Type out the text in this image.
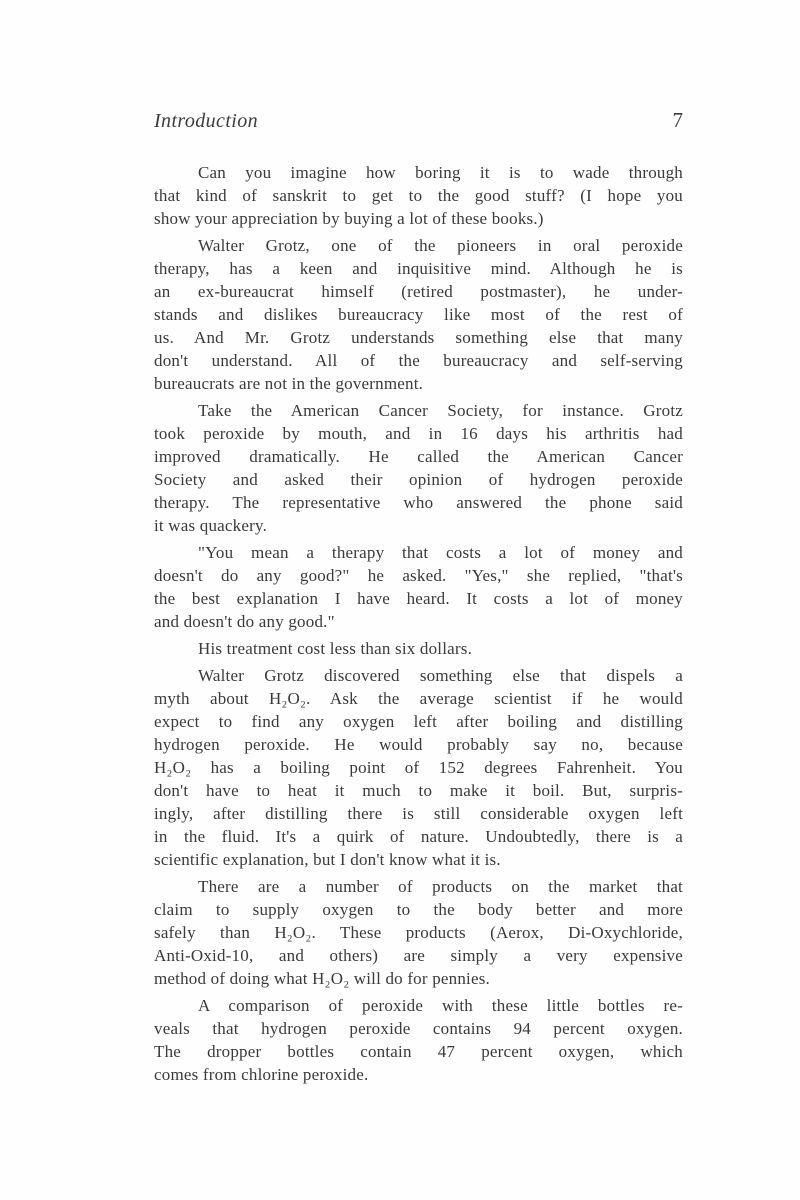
Introduction	7
Can you imagine how boring it is to wade through
that kind of sanskrit to get to the good stuff? (I hope you
show your appreciation by buying a lot of these books.)
Walter Grotz, one of the pioneers in oral peroxide
therapy, has a keen and inquisitive mind. Although he is
an ex-bureaucrat himself (retired postmaster), he under-
stands and dislikes bureaucracy like most of the rest of
us. And Mr. Grotz understands something else that many
don't understand. All of the bureaucracy and self-serving
bureaucrats are not in the government.
Take the American Cancer Society, for instance. Grotz
took peroxide by mouth, and in 16 days his arthritis had
improved dramatically. He called the American Cancer
Society and asked their opinion of hydrogen peroxide
therapy. The representative who answered the phone said
it was quackery.
"You mean a therapy that costs a lot of money and
doesn't do any good?" he asked. "Yes," she replied, "that's
the best explanation I have heard. It costs a lot of money
and doesn't do any good."
His treatment cost less than six dollars.
Walter Grotz discovered something else that dispels a
myth about H₂O₂. Ask the average scientist if he would
expect to find any oxygen left after boiling and distilling
hydrogen peroxide. He would probably say no, because
H₂O₂ has a boiling point of 152 degrees Fahrenheit. You
don't have to heat it much to make it boil. But, surpris-
ingly, after distilling there is still considerable oxygen left
in the fluid. It's a quirk of nature. Undoubtedly, there is a
scientific explanation, but I don't know what it is.
There are a number of products on the market that
claim to supply oxygen to the body better and more
safely than H₂O₂. These products (Aerox, Di-Oxychloride,
Anti-Oxid-10, and others) are simply a very expensive
method of doing what H₂O₂ will do for pennies.
A comparison of peroxide with these little bottles re-
veals that hydrogen peroxide contains 94 percent oxygen.
The dropper bottles contain 47 percent oxygen, which
comes from chlorine peroxide.
